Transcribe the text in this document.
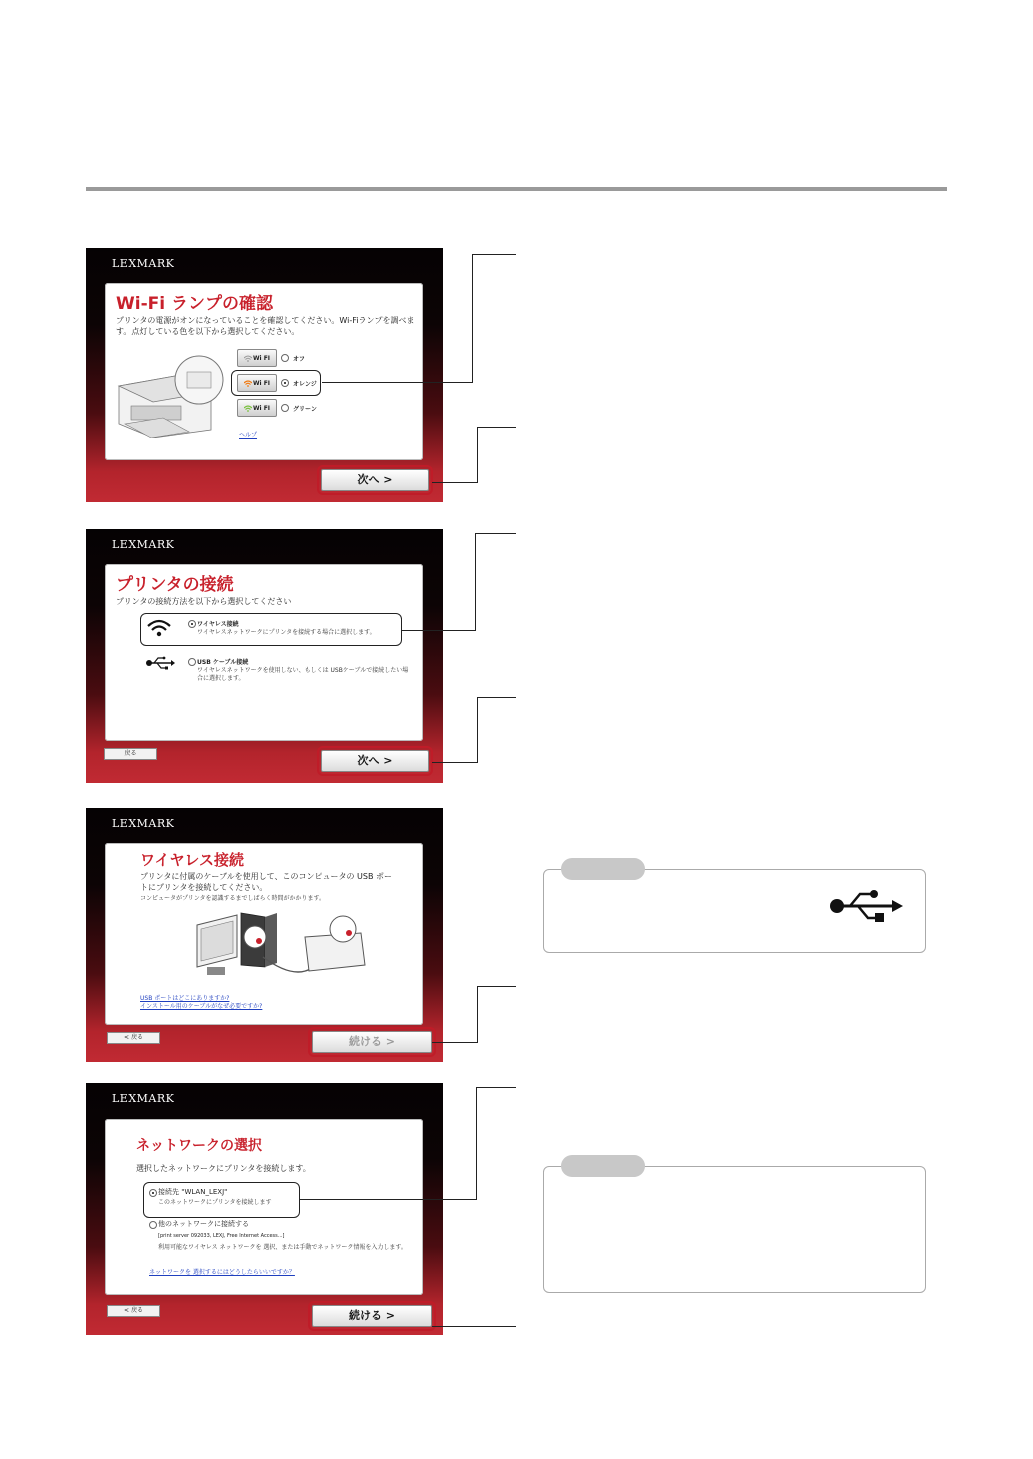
LEXMARK
Wi-Fi ランプの確認
プリンタの電源がオンになっていることを確認してください。Wi-Fiランプを調べます。点灯している色を以下から選択してください。
Wi FI	オフ
Wi FI	オレンジ
Wi FI	グリーン
ヘルプ
次へ >
LEXMARK
プリンタの接続
プリンタの接続方法を以下から選択してください
ワイヤレス接続
ワイヤレスネットワークにプリンタを接続する場合に選択します。
USB ケーブル接続
ワイヤレスネットワークを使用しない、もしくは USBケーブルで接続したい場合に選択します。
戻る
次へ >
LEXMARK
ワイヤレス接続
プリンタに付属のケーブルを使用して、このコンピュータの USB ポートにプリンタを接続してください。
コンピュータがプリンタを認識するまでしばらく時間がかかります。
USB ポートはどこにありますか?
インストール用のケーブルがなぜ必要ですか?
< 戻る	続ける >
LEXMARK
ネットワークの選択
選択したネットワークにプリンタを接続します。
接続先 "WLAN_LEXJ"
このネットワークにプリンタを接続します
他のネットワークに接続する
[print server 092033, LEXJ, Free Internet Access...]
利用可能なワイヤレス ネットワークを 選択、または手動でネットワーク情報を入力します。
ネットワークを 選択するにはどうしたらいいですか？
< 戻る	続ける >
